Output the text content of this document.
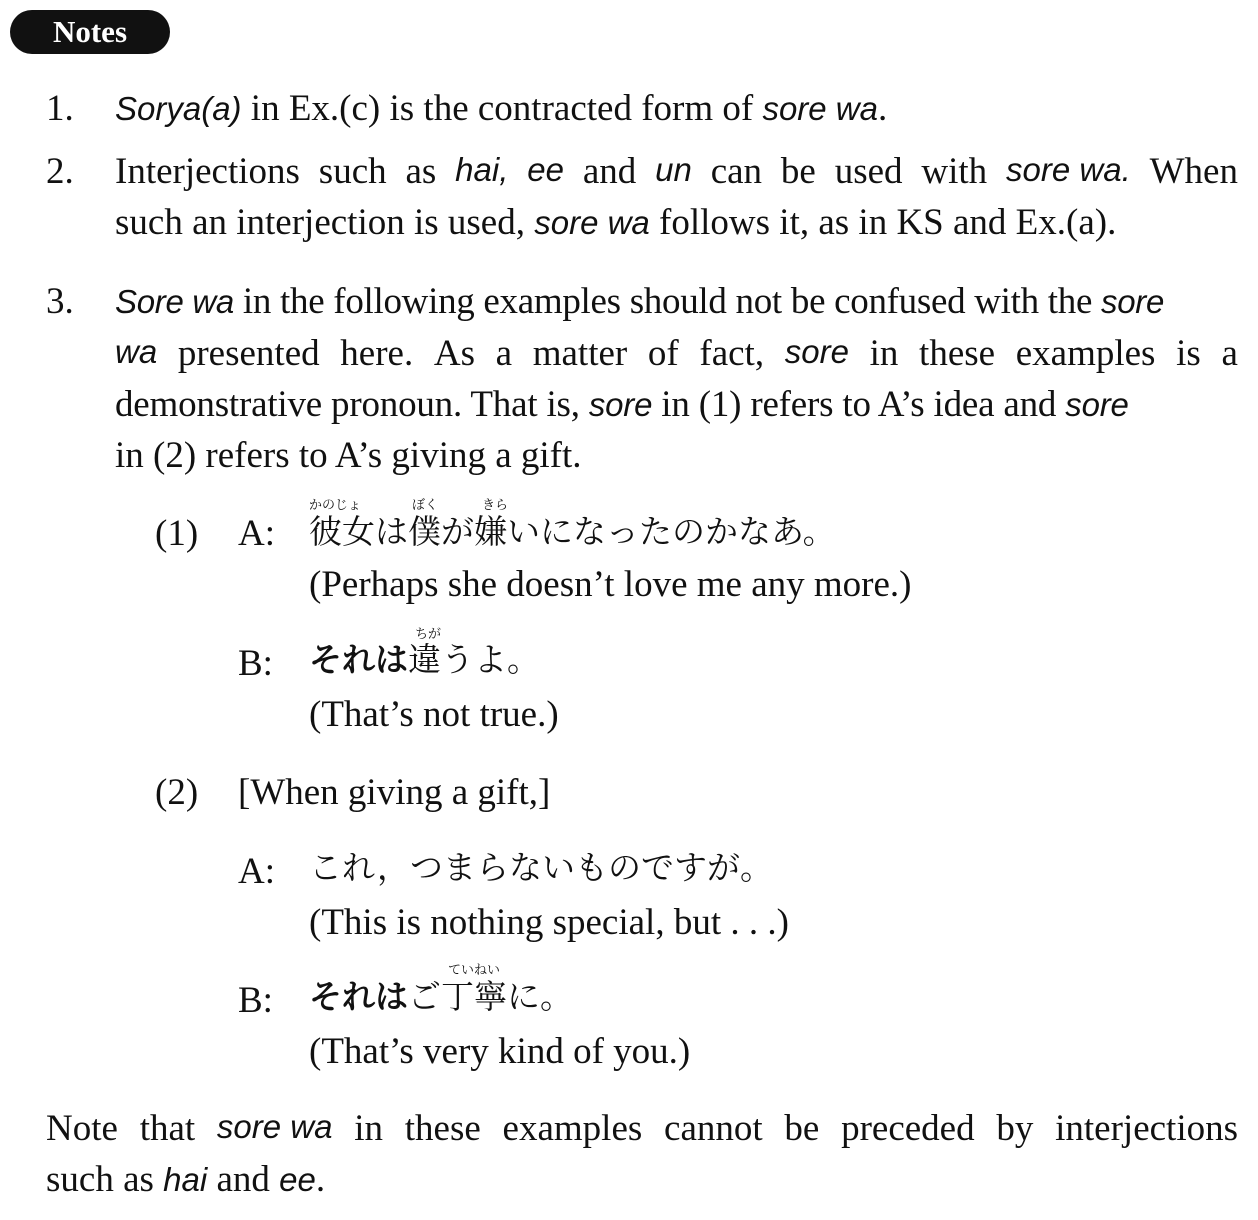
Notes
1. Sorya(a) in Ex.(c) is the contracted form of sore wa.
2. Interjections such as hai, ee and un can be used with sore wa. When
such an interjection is used, sore wa follows it, as in KS and Ex.(a).
3. Sore wa in the following examples should not be confused with the sore
wa presented here. As a matter of fact, sore in these examples is a
demonstrative pronoun. That is, sore in (1) refers to A’s idea and sore
in (2) refers to A’s giving a gift.
(1) A:
かのじょ	ぼく	きら
彼女は僕が嫌いになったのかなあ。
(Perhaps she doesn’t love me any more.)
B:
ちが
それは違うよ。
(That’s not true.)
(2) [When giving a gift,]
A: これ，つまらないものですが。
(This is nothing special, but . . .)
B:
ていねい
それはご丁寧に。
(That’s very kind of you.)
Note that sore wa in these examples cannot be preceded by interjections
such as hai and ee.
